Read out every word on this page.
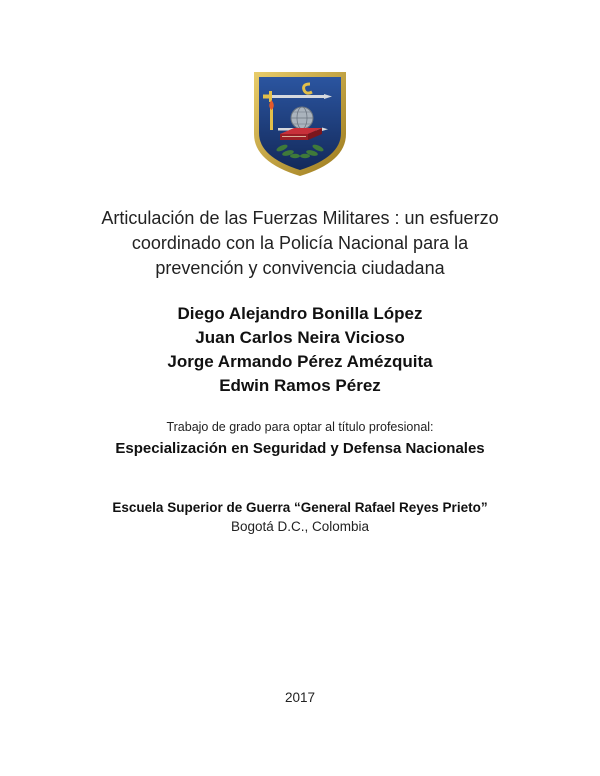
Articulación de las Fuerzas Militares : un esfuerzo
coordinado con la Policía Nacional para la
prevención y convivencia ciudadana
Diego Alejandro Bonilla López
Juan Carlos Neira Vicioso
Jorge Armando Pérez Amézquita
Edwin Ramos Pérez
Trabajo de grado para optar al título profesional:
Especialización en Seguridad y Defensa Nacionales
Escuela Superior de Guerra “General Rafael Reyes Prieto”
Bogotá D.C., Colombia
2017
